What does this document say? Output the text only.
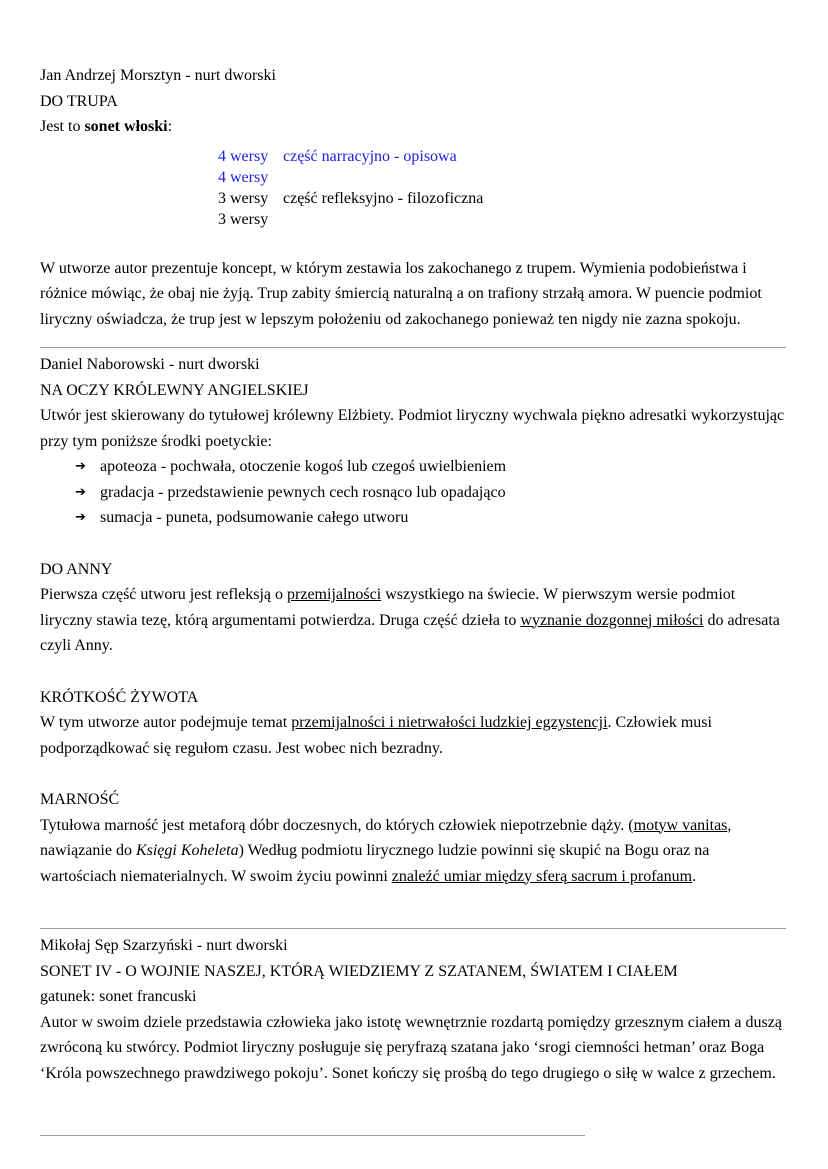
Jan Andrzej Morsztyn - nurt dworski

DO TRUPA

Jest to sonet włoski:

4 wersy część narracyjno - opisowa
4 wersy
3 wersy część refleksyjno - filozoficzna
3 wersy

W utworze autor prezentuje koncept, w którym zestawia los zakochanego z trupem. Wymienia podobieństwa i różnice mówiąc, że obaj nie żyją. Trup zabity śmiercią naturalną a on trafiony strzałą amora. W puencie podmiot liryczny oświadcza, że trup jest w lepszym położeniu od zakochanego ponieważ ten nigdy nie zazna spokoju.

Daniel Naborowski - nurt dworski

NA OCZY KRÓLEWNY ANGIELSKIEJ

Utwór jest skierowany do tytułowej królewny Elżbiety. Podmiot liryczny wychwala piękno adresatki wykorzystując przy tym poniższe środki poetyckie:

➔ apoteoza - pochwała, otoczenie kogoś lub czegoś uwielbieniem
➔ gradacja - przedstawienie pewnych cech rosnąco lub opadająco
➔ sumacja - puneta, podsumowanie całego utworu

DO ANNY

Pierwsza część utworu jest refleksją o przemijalności wszystkiego na świecie. W pierwszym wersie podmiot liryczny stawia tezę, którą argumentami potwierdza. Druga część dzieła to wyznanie dozgonnej miłości do adresata czyli Anny.

KRÓTKOŚĆ ŻYWOTA

W tym utworze autor podejmuje temat przemijalności i nietrwałości ludzkiej egzystencji. Człowiek musi podporządkować się regułom czasu. Jest wobec nich bezradny.

MARNOŚĆ

Tytułowa marność jest metaforą dóbr doczesnych, do których człowiek niepotrzebnie dąży. (motyw vanitas, nawiązanie do Księgi Koheleta) Według podmiotu lirycznego ludzie powinni się skupić na Bogu oraz na wartościach niematerialnych. W swoim życiu powinni znaleźć umiar między sferą sacrum i profanum.

Mikołaj Sęp Szarzyński - nurt dworski

SONET IV - O WOJNIE NASZEJ, KTÓRĄ WIEDZIEMY Z SZATANEM, ŚWIATEM I CIAŁEM

gatunek: sonet francuski

Autor w swoim dziele przedstawia człowieka jako istotę wewnętrznie rozdartą pomiędzy grzesznym ciałem a duszą zwróconą ku stwórcy. Podmiot liryczny posługuje się peryfrazą szatana jako ‘srogi ciemności hetman’ oraz Boga ‘Króla powszechnego prawdziwego pokoju’. Sonet kończy się prośbą do tego drugiego o siłę w walce z grzechem.
